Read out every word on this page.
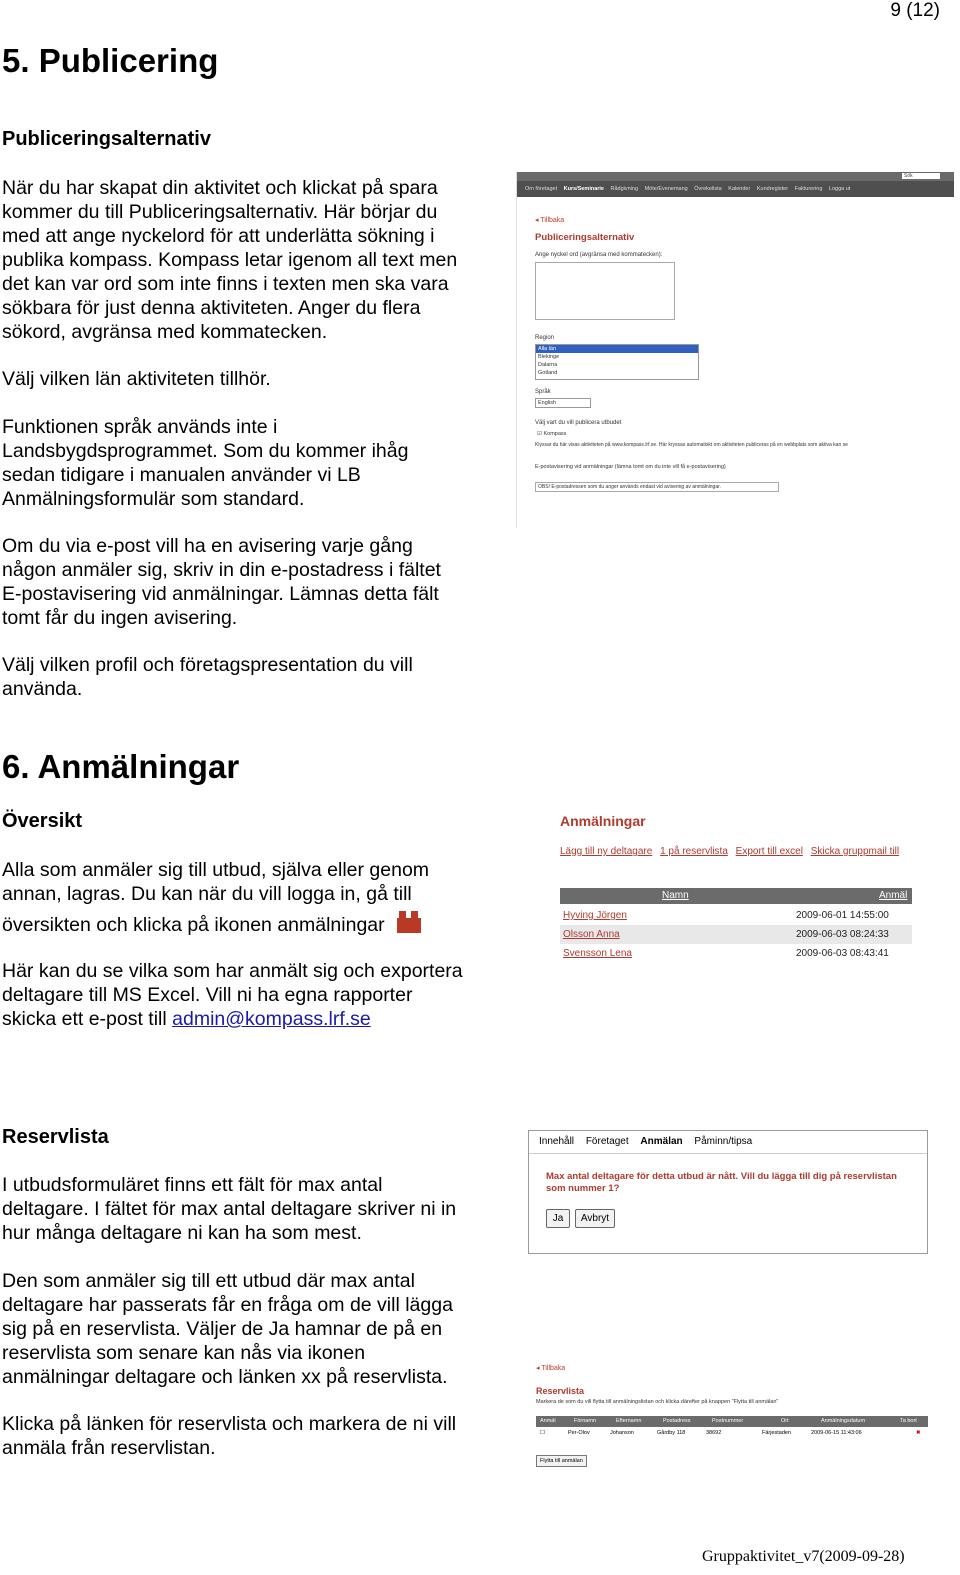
9 (12)
5. Publicering
Publiceringsalternativ

När du har skapat din aktivitet och klickat på spara

kommer du till Publiceringsalternativ. Här börjar du

med att ange nyckelord för att underlätta sökning i

publika kompass. Kompass letar igenom all text men

det kan var ord som inte finns i texten men ska vara

sökbara för just denna aktiviteten. Anger du flera

sökord, avgränsa med kommatecken.

Välj vilken län aktiviteten tillhör.

Funktionen språk används inte i

Landsbygdsprogrammet. Som du kommer ihåg

sedan tidigare i manualen använder vi LB

Anmälningsformulär som standard.

Om du via e-post vill ha en avisering varje gång

någon anmäler sig, skriv in din e-postadress i fältet

E-postavisering vid anmälningar. Lämnas detta fält

tomt får du ingen avisering.

Välj vilken profil och företagspresentation du vill

använda.

Sök
Om företaget Kurs/Seminarie Rådgivning Möte/Evenemang Övrekelista Kalender Kundregister Fakturering Logga ut
◂ Tillbaka
Publiceringsalternativ
Ange nyckel ord (avgränsa med kommatecken):
Region
Alla län
Blekinge
Dalarna
Gotland
Språk
English
Välj vart du vill publicera utbudet
☑ Kompass
Klyssar du här visas aktiviteten på www.kompass.lrf.se. Här kryssas automatiskt om aktiviteten publiceras på en webbplats som aktiva kan se
E-postavisering vid anmälningar (lämna tomt om du inte vill få e-postavisering)
OBS! E-postadressen som du anger används endast vid avisering av anmälningar.
6. Anmälningar
Översikt

Alla som anmäler sig till utbud, själva eller genom

annan, lagras. Du kan när du vill logga in, gå till

översikten och klicka på ikonen anmälningar

Här kan du se vilka som har anmält sig och exportera

deltagare till MS Excel. Vill ni ha egna rapporter

skicka ett e-post till admin@kompass.lrf.se

Anmälningar
Lägg till ny deltagare 1 på reservlista Export till excel Skicka gruppmail till
Namn	Anmäl
Hyving Jörgen	2009-06-01 14:55:00
Olsson Anna	2009-06-03 08:24:33
Svensson Lena	2009-06-03 08:43:41
Reservlista

I utbudsformuläret finns ett fält för max antal

deltagare. I fältet för max antal deltagare skriver ni in

hur många deltagare ni kan ha som mest.

Den som anmäler sig till ett utbud där max antal

deltagare har passerats får en fråga om de vill lägga

sig på en reservlista. Väljer de Ja hamnar de på en

reservlista som senare kan nås via ikonen

anmälningar deltagare och länken xx på reservlista.

Klicka på länken för reservlista och markera de ni vill

anmäla från reservlistan.

Innehåll Företaget Anmälan Påminn/tipsa
Max antal deltagare för detta utbud är nått. Vill du lägga till dig på reservlistan som nummer 1?
Ja	Avbryt
◂ Tillbaka
Reservlista
Markera de som du vill flytta till anmälningslistan och klicka därefter på knappen "Flytta till anmälan"
Anmäl	Förnamn	Efternamn	Postadress	Postnummer	Ort	Anmälningsdatum	Ta bort
☐	Per-Olov	Johanson	Gårdby 118	38692	Färjestaden	2009-06-15 11:43:06	✖
Flytta till anmälan
Gruppaktivitet_v7(2009-09-28)
